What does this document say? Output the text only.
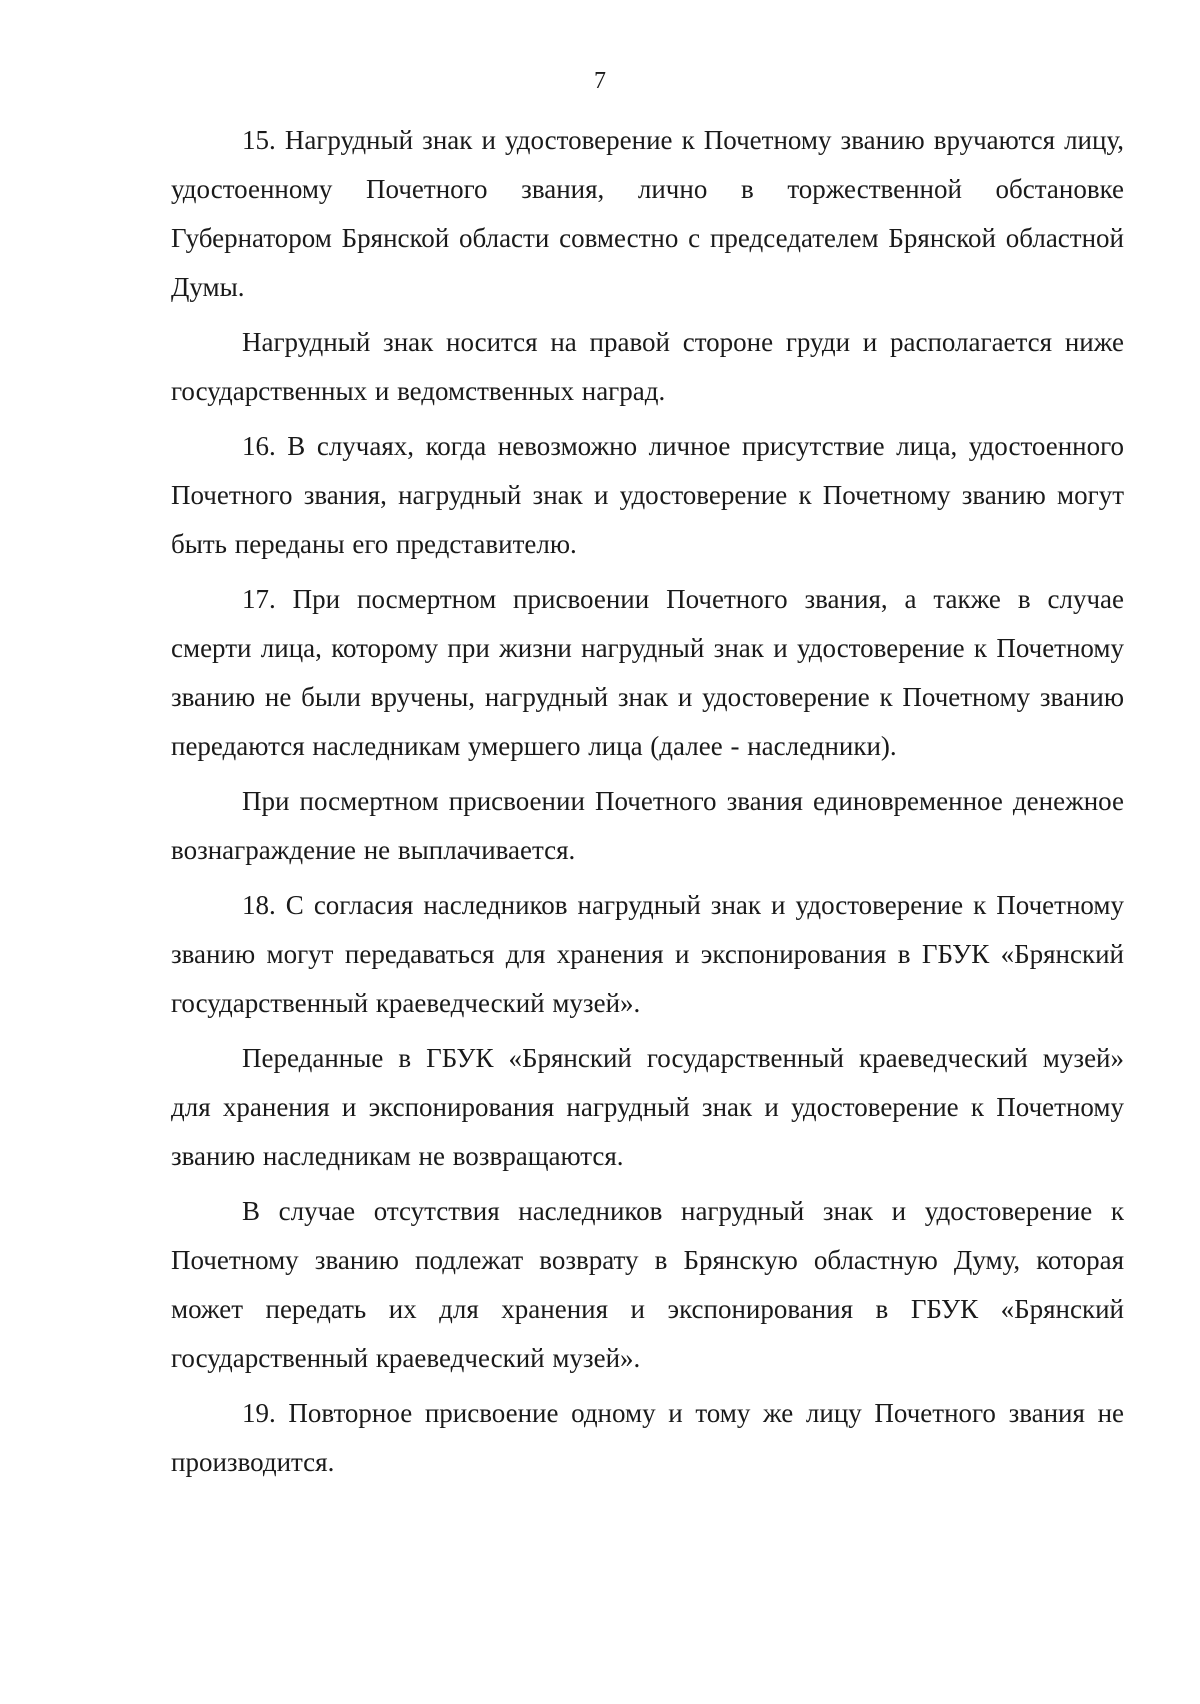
7

15. Нагрудный знак и удостоверение к Почетному званию вручаются лицу, удостоенному Почетного звания, лично в торжественной обстановке Губернатором Брянской области совместно с председателем Брянской областной Думы.

Нагрудный знак носится на правой стороне груди и располагается ниже государственных и ведомственных наград.

16. В случаях, когда невозможно личное присутствие лица, удостоенного Почетного звания, нагрудный знак и удостоверение к Почетному званию могут быть переданы его представителю.

17. При посмертном присвоении Почетного звания, а также в случае смерти лица, которому при жизни нагрудный знак и удостоверение к Почетному званию не были вручены, нагрудный знак и удостоверение к Почетному званию передаются наследникам умершего лица (далее - наследники).

При посмертном присвоении Почетного звания единовременное денежное вознаграждение не выплачивается.

18. С согласия наследников нагрудный знак и удостоверение к Почетному званию могут передаваться для хранения и экспонирования в ГБУК «Брянский государственный краеведческий музей».

Переданные в ГБУК «Брянский государственный краеведческий музей» для хранения и экспонирования нагрудный знак и удостоверение к Почетному званию наследникам не возвращаются.

В случае отсутствия наследников нагрудный знак и удостоверение к Почетному званию подлежат возврату в Брянскую областную Думу, которая может передать их для хранения и экспонирования в ГБУК «Брянский государственный краеведческий музей».

19. Повторное присвоение одному и тому же лицу Почетного звания не производится.
